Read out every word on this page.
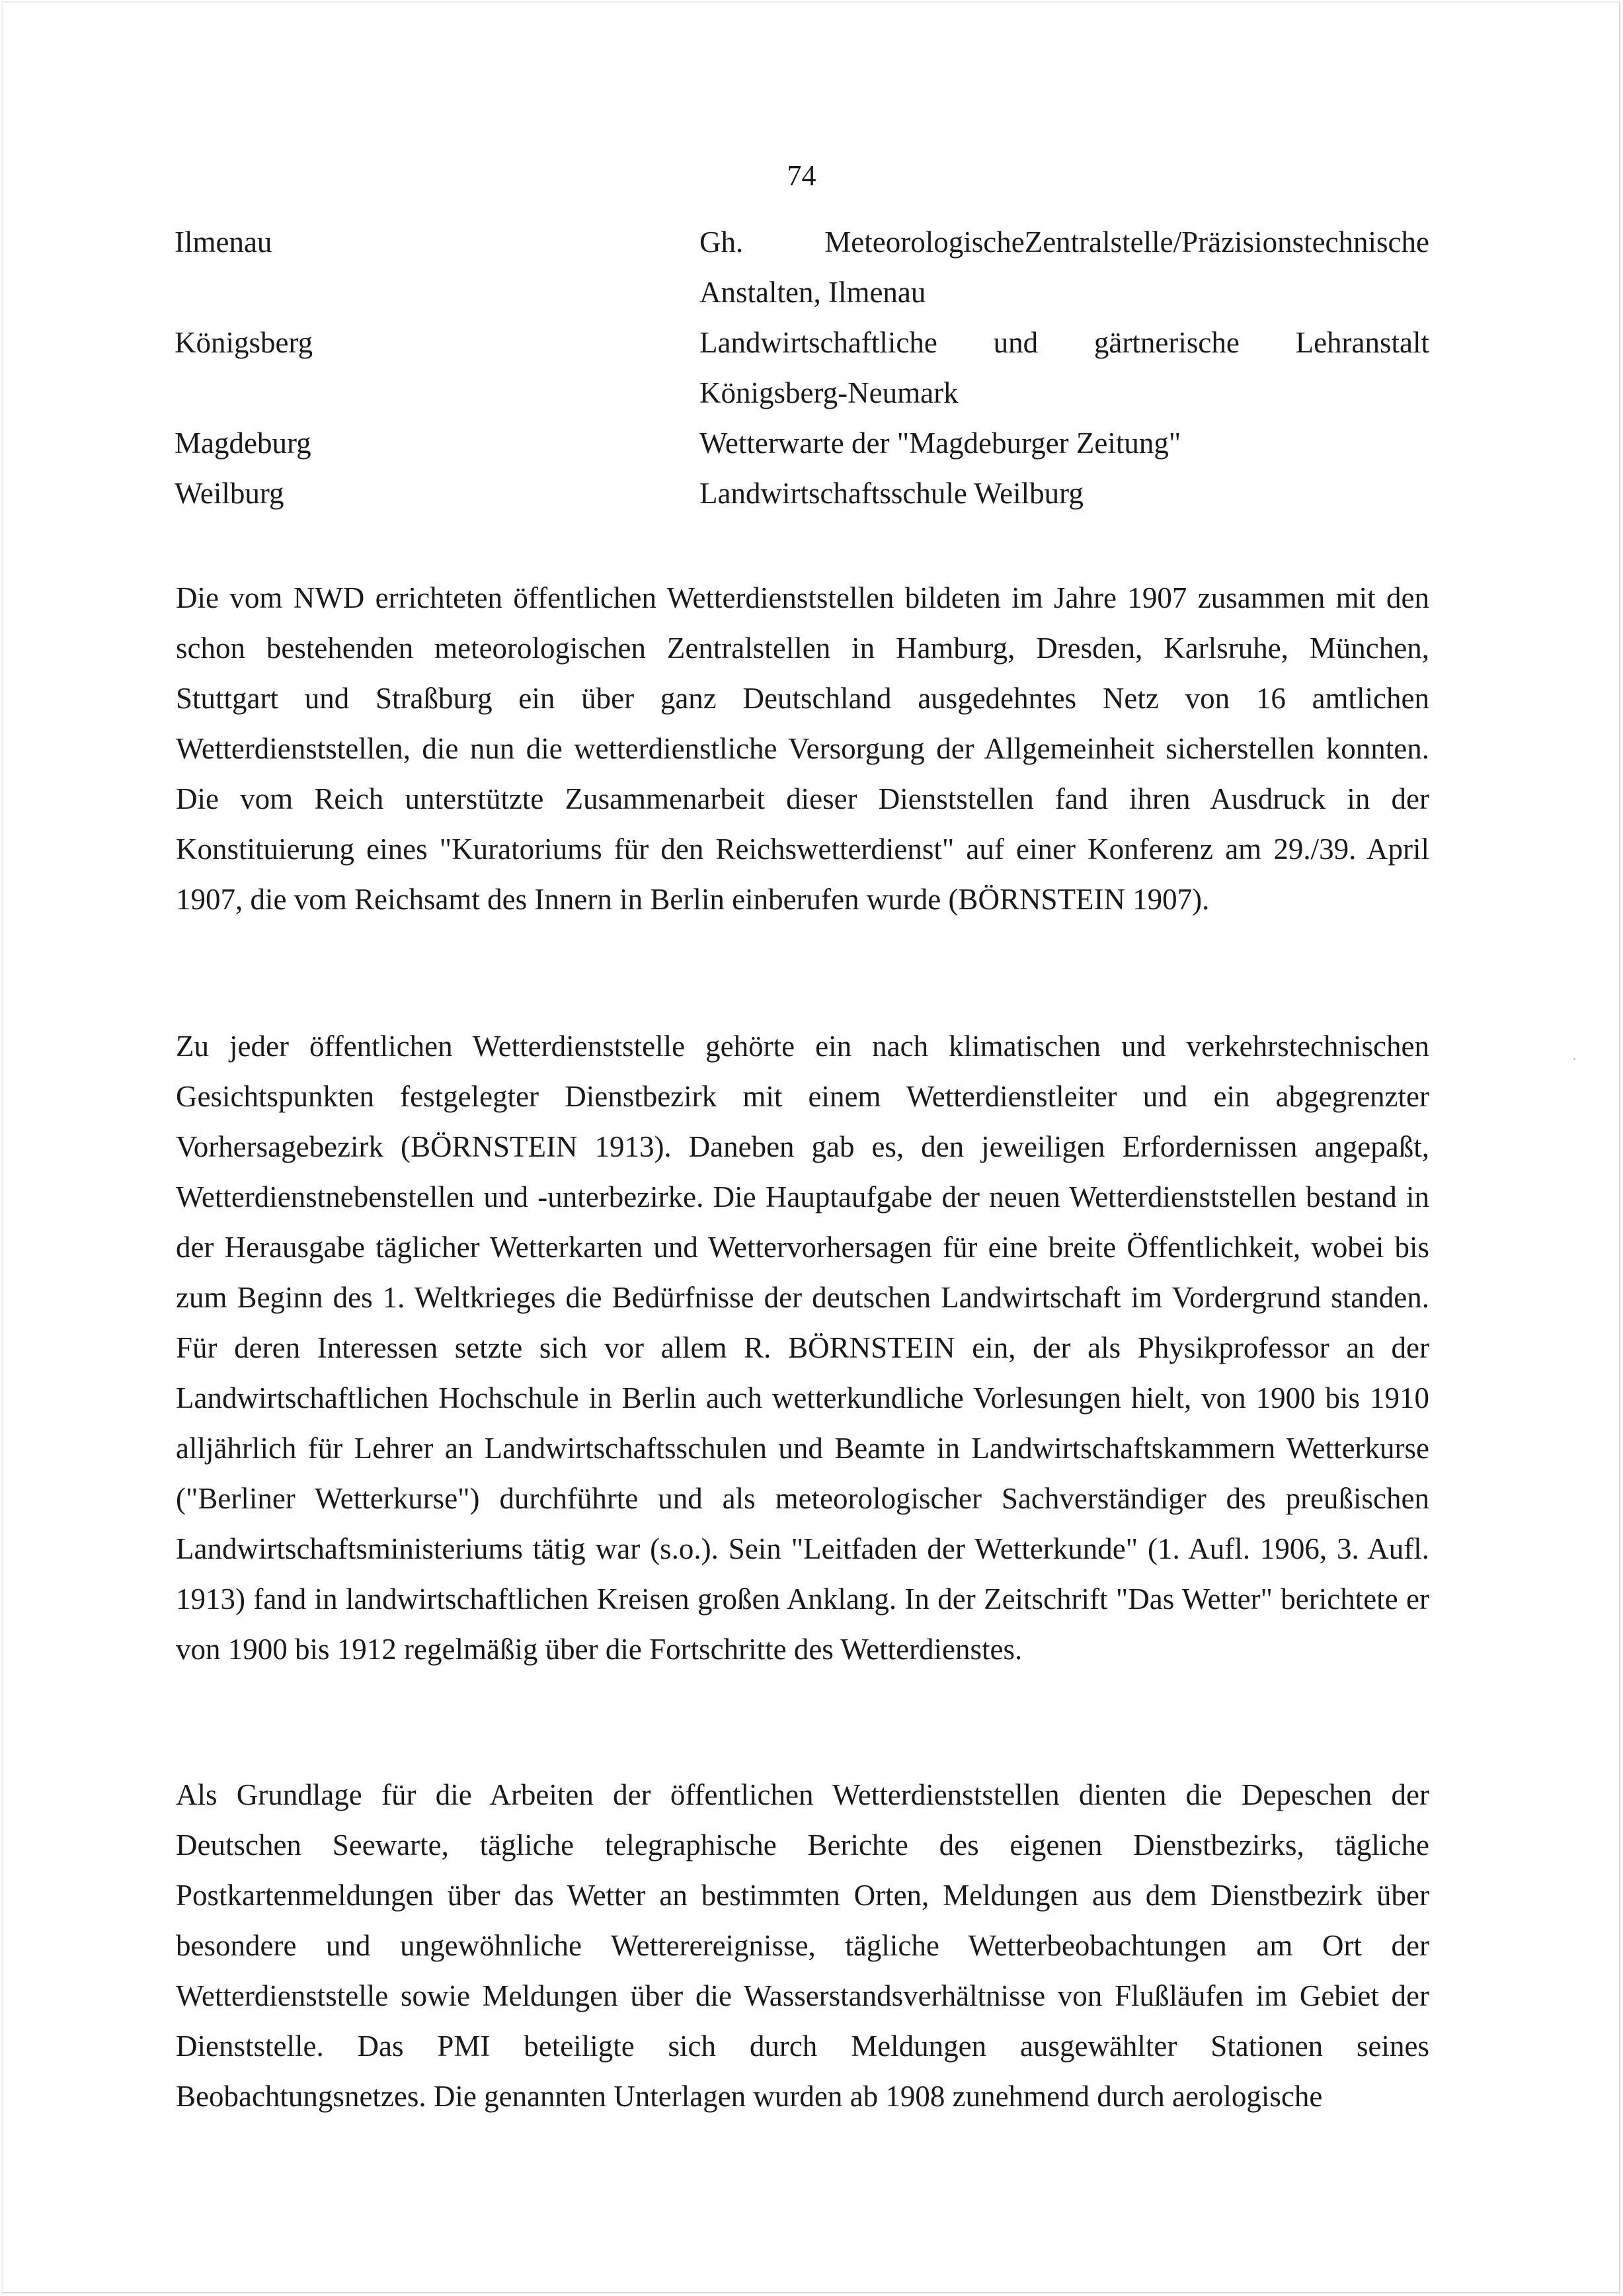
74
Ilmenau	Gh. MeteorologischeZentralstelle/Präzisionstechnische
Anstalten, Ilmenau
Königsberg	Landwirtschaftliche und gärtnerische Lehranstalt
Königsberg-Neumark
Magdeburg	Wetterwarte der "Magdeburger Zeitung"
Weilburg	Landwirtschaftsschule Weilburg

Die vom NWD errichteten öffentlichen Wetterdienststellen bildeten im Jahre 1907 zusammen mit den schon bestehenden meteorologischen Zentralstellen in Hamburg, Dresden, Karlsruhe, München, Stuttgart und Straßburg ein über ganz Deutschland ausgedehntes Netz von 16 amtlichen Wetterdienststellen, die nun die wetterdienstliche Versorgung der Allgemeinheit sicherstellen konnten. Die vom Reich unterstützte Zusammenarbeit dieser Dienststellen fand ihren Ausdruck in der Konstituierung eines "Kuratoriums für den Reichswetterdienst" auf einer Konferenz am 29./39. April 1907, die vom Reichsamt des Innern in Berlin einberufen wurde (BÖRNSTEIN 1907).

Zu jeder öffentlichen Wetterdienststelle gehörte ein nach klimatischen und verkehrstechnischen Gesichtspunkten festgelegter Dienstbezirk mit einem Wetterdienstleiter und ein abgegrenzter Vorhersagebezirk (BÖRNSTEIN 1913). Daneben gab es, den jeweiligen Erfordernissen angepaßt, Wetterdienstnebenstellen und -unterbezirke. Die Hauptaufgabe der neuen Wetterdienststellen bestand in der Herausgabe täglicher Wetterkarten und Wettervorhersagen für eine breite Öffentlichkeit, wobei bis zum Beginn des 1. Weltkrieges die Bedürfnisse der deutschen Landwirtschaft im Vordergrund standen. Für deren Interessen setzte sich vor allem R. BÖRNSTEIN ein, der als Physikprofessor an der Landwirtschaftlichen Hochschule in Berlin auch wetterkundliche Vorlesungen hielt, von 1900 bis 1910 alljährlich für Lehrer an Landwirtschaftsschulen und Beamte in Landwirtschaftskammern Wetterkurse ("Berliner Wetterkurse") durchführte und als meteorologischer Sachverständiger des preußischen Landwirtschaftsministeriums tätig war (s.o.). Sein "Leitfaden der Wetterkunde" (1. Aufl. 1906, 3. Aufl. 1913) fand in landwirtschaftlichen Kreisen großen Anklang. In der Zeitschrift "Das Wetter" berichtete er von 1900 bis 1912 regelmäßig über die Fortschritte des Wetterdienstes.

Als Grundlage für die Arbeiten der öffentlichen Wetterdienststellen dienten die Depeschen der Deutschen Seewarte, tägliche telegraphische Berichte des eigenen Dienstbezirks, tägliche Postkartenmeldungen über das Wetter an bestimmten Orten, Meldungen aus dem Dienstbezirk über besondere und ungewöhnliche Wetterereignisse, tägliche Wetterbeobachtungen am Ort der Wetterdienststelle sowie Meldungen über die Wasserstandsverhältnisse von Flußläufen im Gebiet der Dienststelle. Das PMI beteiligte sich durch Meldungen ausgewählter Stationen seines Beobachtungsnetzes. Die genannten Unterlagen wurden ab 1908 zunehmend durch aerologische
